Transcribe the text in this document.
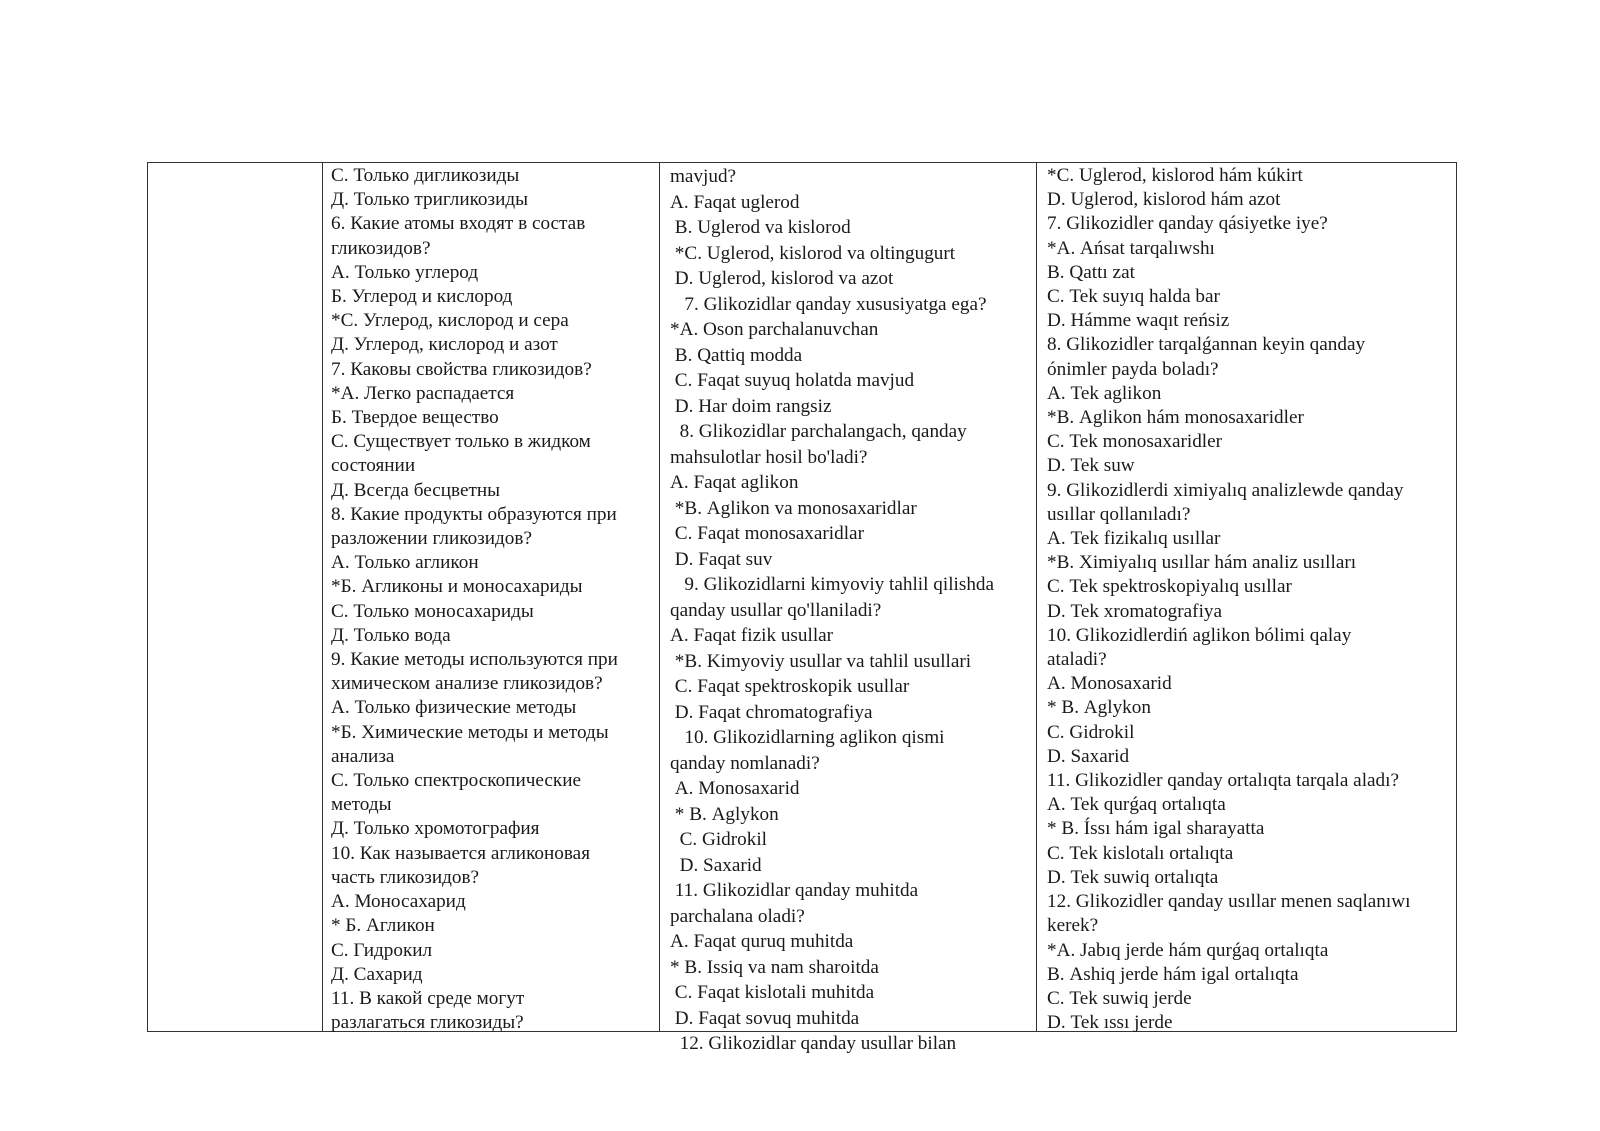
С. Только дигликозиды
Д. Только тригликозиды
6. Какие атомы входят в состав
гликозидов?
А. Только углерод
Б. Углерод и кислород
*С. Углерод, кислород и сера
Д. Углерод, кислород и азот
7. Каковы свойства гликозидов?
*А. Легко распадается
Б. Твердое вещество
С. Существует только в жидком
состоянии
Д. Всегда бесцветны
8. Какие продукты образуются при
разложении гликозидов?
А. Только агликон
*Б. Агликоны и моносахариды
С. Только моносахариды
Д. Только вода
9. Какие методы используются при
химическом анализе гликозидов?
А. Только физические методы
*Б. Химические методы и методы
анализа
С. Только спектроскопические
методы
Д. Только хромотография
10. Как называется агликоновая
часть гликозидов?
А. Моносахарид
* Б. Агликон
С. Гидрокил
Д. Сахарид
11. В какой среде могут
разлагаться гликозиды?
mavjud?
A. Faqat uglerod
B. Uglerod va kislorod
*C. Uglerod, kislorod va oltingugurt
D. Uglerod, kislorod va azot
7. Glikozidlar qanday xususiyatga ega?
*A. Oson parchalanuvchan
B. Qattiq modda
C. Faqat suyuq holatda mavjud
D. Har doim rangsiz
8. Glikozidlar parchalangach, qanday
mahsulotlar hosil bo'ladi?
A. Faqat aglikon
*B. Aglikon va monosaxaridlar
C. Faqat monosaxaridlar
D. Faqat suv
9. Glikozidlarni kimyoviy tahlil qilishda
qanday usullar qo'llaniladi?
A. Faqat fizik usullar
*B. Kimyoviy usullar va tahlil usullari
C. Faqat spektroskopik usullar
D. Faqat chromatografiya
10. Glikozidlarning aglikon qismi
qanday nomlanadi?
A. Monosaxarid
* B. Aglykon
C. Gidrokil
D. Saxarid
11. Glikozidlar qanday muhitda
parchalana oladi?
A. Faqat quruq muhitda
* B. Issiq va nam sharoitda
C. Faqat kislotali muhitda
D. Faqat sovuq muhitda
12. Glikozidlar qanday usullar bilan
*C. Uglerod, kislorod hám kúkirt
D. Uglerod, kislorod hám azot
7. Glikozidler qanday qásiyetke iye?
*A. Ańsat tarqalıwshı
B. Qattı zat
C. Tek suyıq halda bar
D. Hámme waqıt reńsiz
8. Glikozidler tarqalǵannan keyin qanday
ónimler payda boladı?
A. Tek aglikon
*B. Aglikon hám monosaxaridler
C. Tek monosaxaridler
D. Tek suw
9. Glikozidlerdi ximiyalıq analizlewde qanday
usıllar qollanıladı?
A. Tek fizikalıq usıllar
*B. Ximiyalıq usıllar hám analiz usılları
C. Tek spektroskopiyalıq usıllar
D. Tek xromatografiya
10. Glikozidlerdiń aglikon bólimi qalay
ataladi?
A. Monosaxarid
* B. Aglykon
C. Gidrokil
D. Saxarid
11. Glikozidler qanday ortalıqta tarqala aladı?
A. Tek qurǵaq ortalıqta
* B. Íssı hám igal sharayatta
C. Tek kislotalı ortalıqta
D. Tek suwiq ortalıqta
12. Glikozidler qanday usıllar menen saqlanıwı
kerek?
*A. Jabıq jerde hám qurǵaq ortalıqta
B. Ashiq jerde hám igal ortalıqta
C. Tek suwiq jerde
D. Tek ıssı jerde
